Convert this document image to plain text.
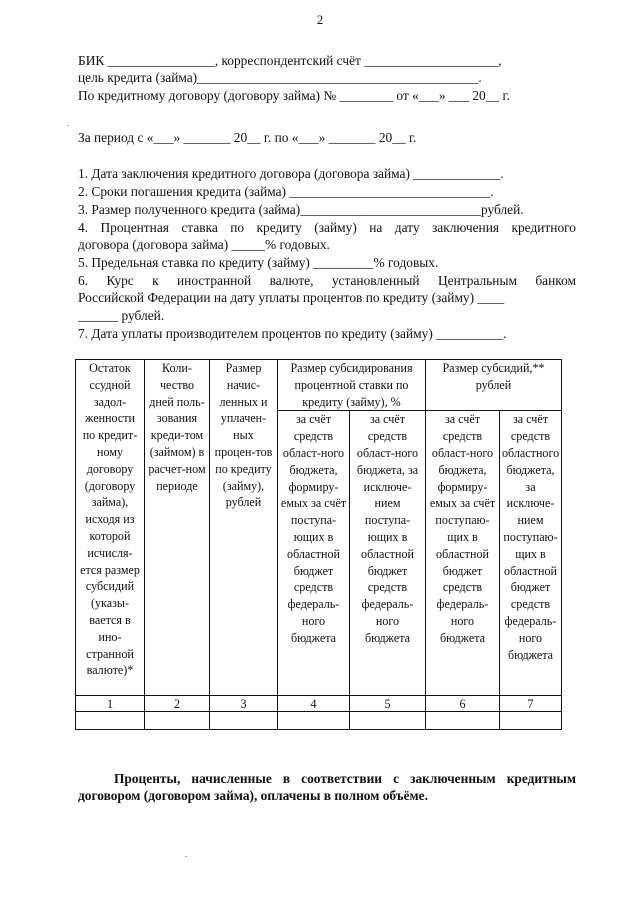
2
БИК ________________, корреспондентский счёт ____________________,
цель кредита (займа)__________________________________________.
По кредитному договору (договору займа) № ________ от «___» ___ 20__ г.
За период с «___» _______ 20__ г. по «___» _______ 20__ г.
1. Дата заключения кредитного договора (договора займа) _____________.
2. Сроки погашения кредита (займа) ______________________________.
3. Размер полученного кредита (займа)___________________________рублей.
4. Процентная ставка по кредиту (займу) на дату заключения кредитного
договора (договора займа) _____% годовых.
5. Предельная ставка по кредиту (займу) _________% годовых.
6. Курс к иностранной валюте, установленный Центральным банком
Российской Федерации на дату уплаты процентов по кредиту (займу) ____
______ рублей.
7. Дата уплаты производителем процентов по кредиту (займу) __________.
Остаток ссудной задол-женности по кредит-ному договору (договору займа), исходя из которой исчисля-ется размер субсидий (указы-вается в ино-странной валюте)*	Коли-чество дней поль-зования креди-том (займом) в расчет-ном периоде	Размер начис-ленных и уплачен-ных процен-тов по кредиту (займу), рублей	Размер субсидирования процентной ставки по кредиту (займу), %		Размер субсидий,** рублей	
			за счёт средств област-ного бюджета, формиру-емых за счёт поступа-ющих в областной бюджет средств федераль-ного бюджета	за счёт средств област-ного бюджета, за исключе-нием поступа-ющих в областной бюджет средств федераль-ного бюджета	за счёт средств област-ного бюджета, формиру-емых за счёт поступаю-щих в областной бюджет средств федераль-ного бюджета	за счёт средств областного бюджета, за исключе-нием поступаю-щих в областной бюджет средств федераль-ного бюджета
1	2	3	4	5	6	7

Проценты, начисленные в соответствии с заключенным кредитным договором (договором займа), оплачены в полном объёме.
·
·
